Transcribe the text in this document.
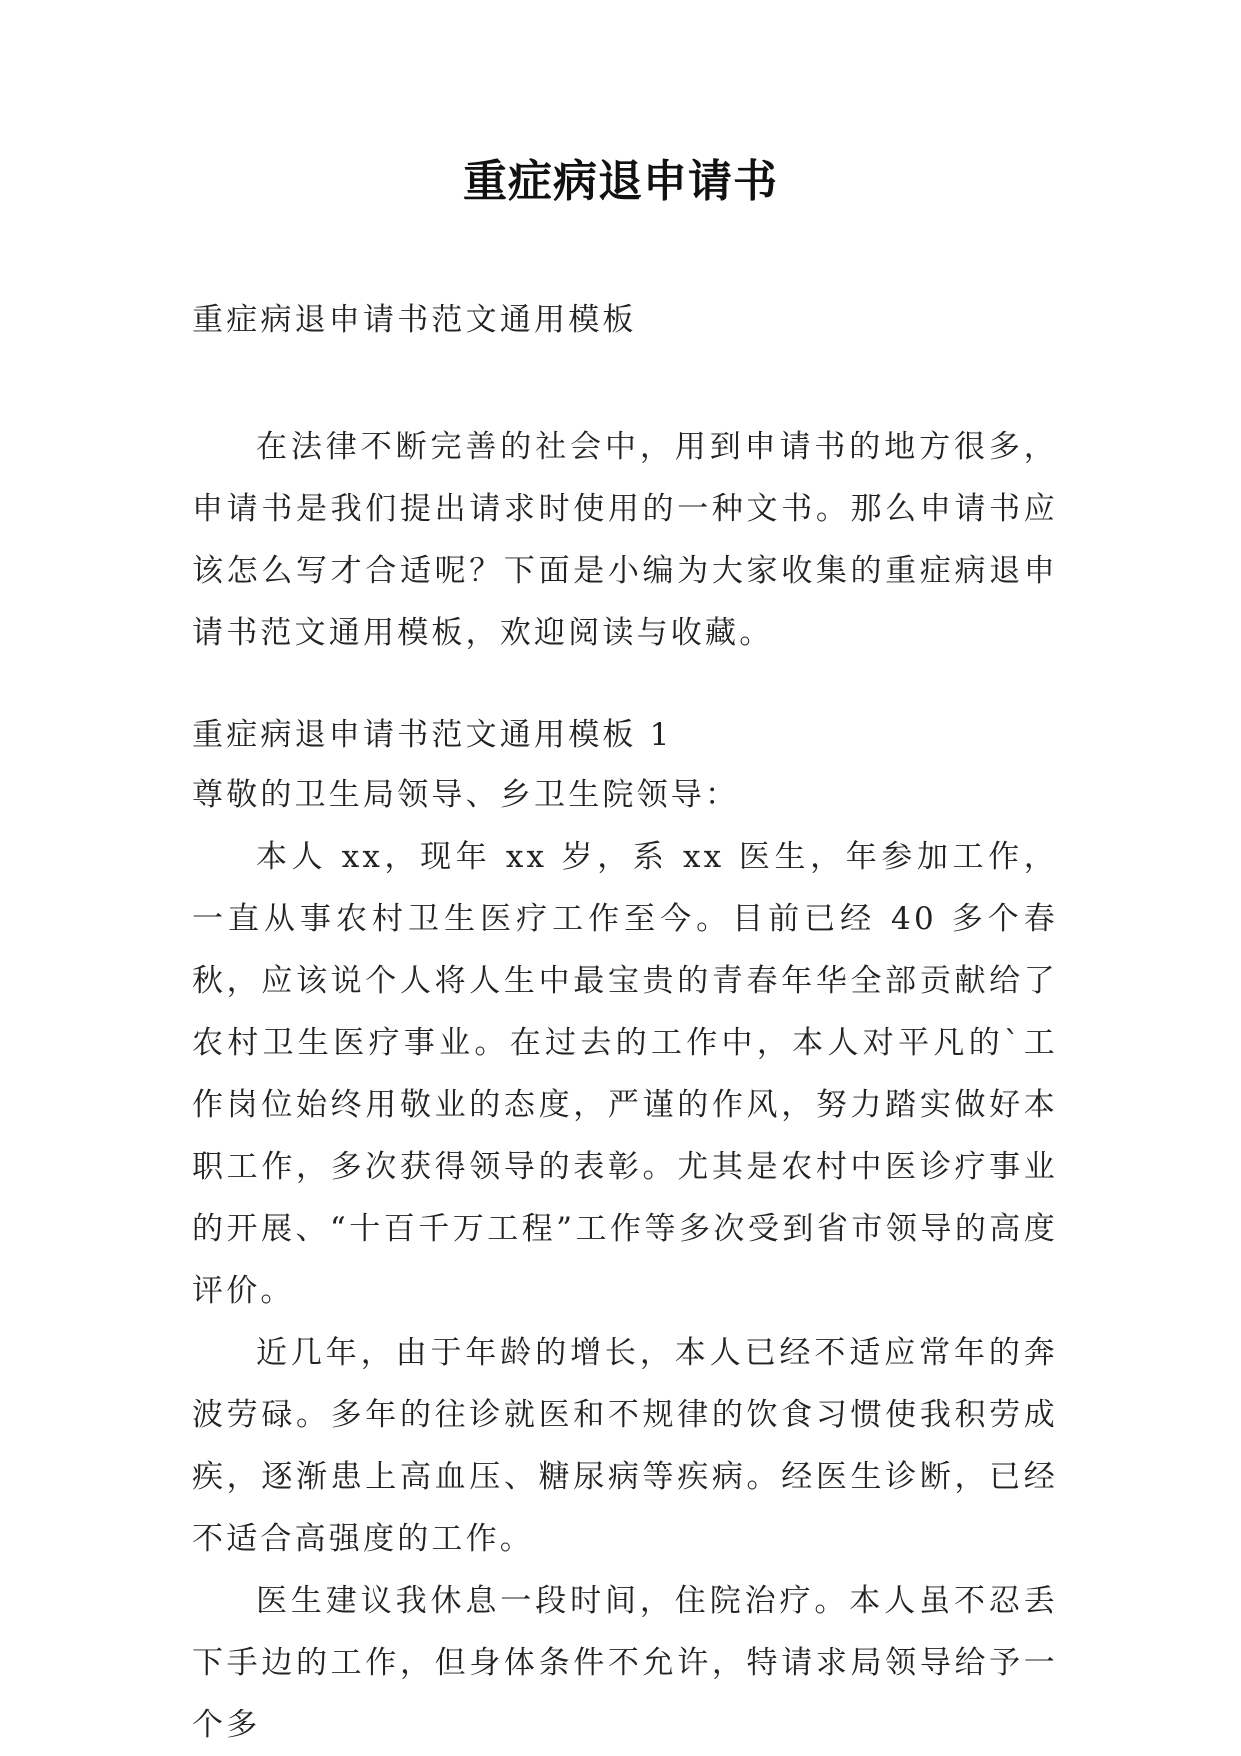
重症病退申请书
重症病退申请书范文通用模板

在法律不断完善的社会中，用到申请书的地方很多，申请书是我们提出请求时使用的一种文书。那么申请书应该怎么写才合适呢？下面是小编为大家收集的重症病退申请书范文通用模板，欢迎阅读与收藏。

重症病退申请书范文通用模板 1
尊敬的卫生局领导、乡卫生院领导：

本人 xx，现年 xx 岁，系 xx 医生，年参加工作，一直从事农村卫生医疗工作至今。目前已经 40 多个春秋，应该说个人将人生中最宝贵的青春年华全部贡献给了农村卫生医疗事业。在过去的工作中，本人对平凡的`工作岗位始终用敬业的态度，严谨的作风，努力踏实做好本职工作，多次获得领导的表彰。尤其是农村中医诊疗事业的开展、“十百千万工程”工作等多次受到省市领导的高度评价。

近几年，由于年龄的增长，本人已经不适应常年的奔波劳碌。多年的往诊就医和不规律的饮食习惯使我积劳成疾，逐渐患上高血压、糖尿病等疾病。经医生诊断，已经不适合高强度的工作。

医生建议我休息一段时间，住院治疗。本人虽不忍丢下手边的工作，但身体条件不允许，特请求局领导给予一个多
